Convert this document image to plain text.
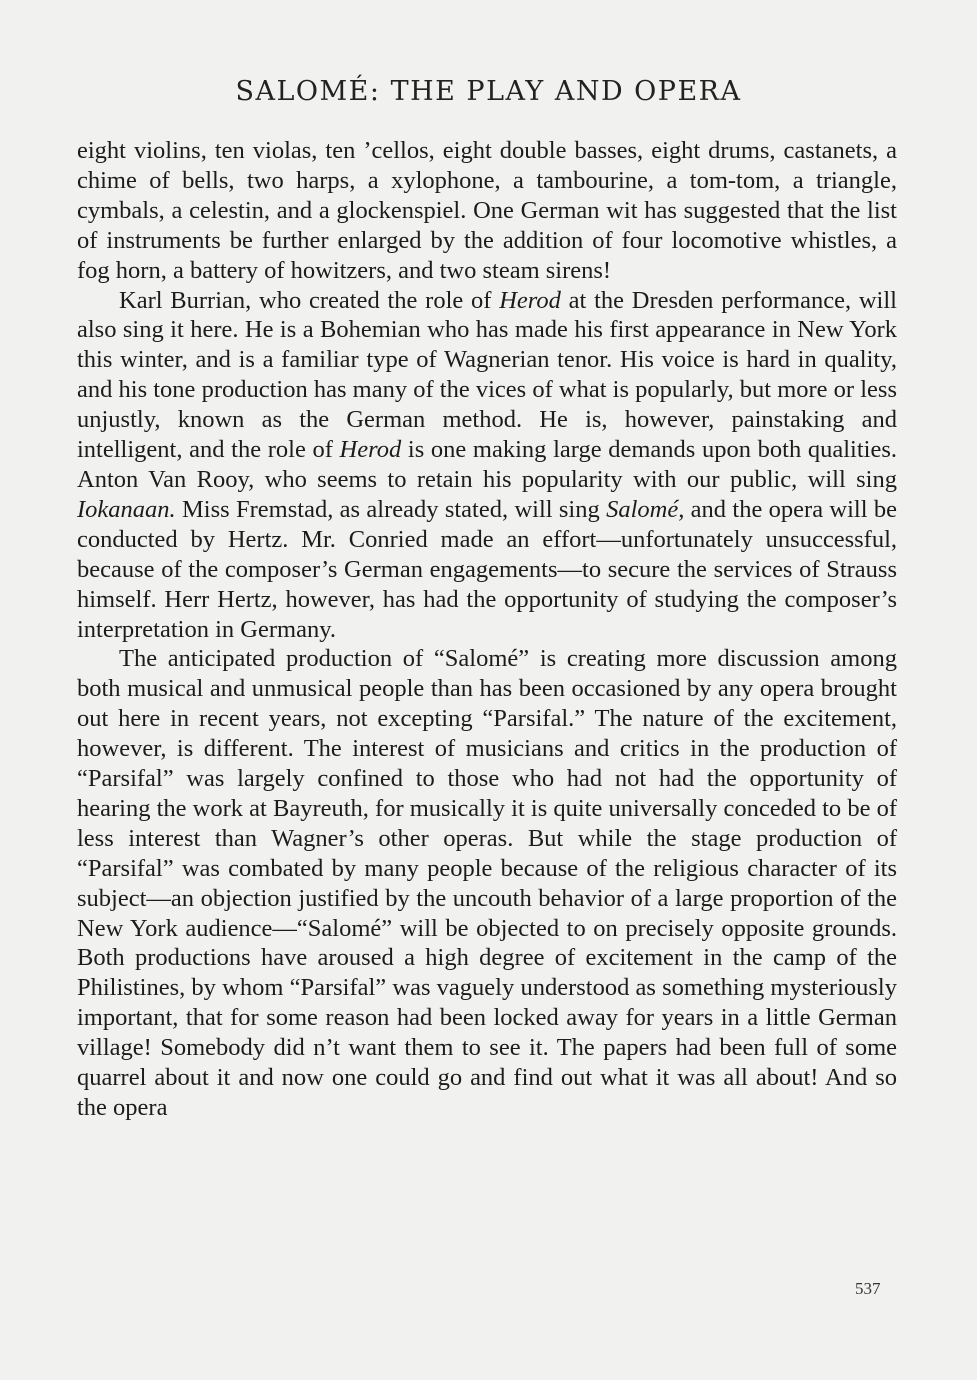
SALOMÉ: THE PLAY AND OPERA

eight violins, ten violas, ten ’cellos, eight double basses, eight drums, castanets, a chime of bells, two harps, a xylophone, a tambourine, a tom-tom, a triangle, cymbals, a celestin, and a glockenspiel. One German wit has suggested that the list of instruments be further enlarged by the addition of four locomotive whistles, a fog horn, a battery of howitzers, and two steam sirens!

Karl Burrian, who created the role of Herod at the Dresden performance, will also sing it here. He is a Bohemian who has made his first appearance in New York this winter, and is a familiar type of Wagnerian tenor. His voice is hard in quality, and his tone production has many of the vices of what is popularly, but more or less unjustly, known as the German method. He is, however, painstaking and intelligent, and the role of Herod is one making large demands upon both qualities. Anton Van Rooy, who seems to retain his popularity with our public, will sing Iokanaan. Miss Fremstad, as already stated, will sing Salomé, and the opera will be conducted by Hertz. Mr. Conried made an effort—unfortunately unsuccessful, because of the composer’s German engagements—to secure the services of Strauss himself. Herr Hertz, however, has had the opportunity of studying the composer’s interpretation in Germany.

The anticipated production of “Salomé” is creating more discussion among both musical and unmusical people than has been occasioned by any opera brought out here in recent years, not excepting “Parsifal.” The nature of the excitement, however, is different. The interest of musicians and critics in the production of “Parsifal” was largely confined to those who had not had the opportunity of hearing the work at Bayreuth, for musically it is quite universally conceded to be of less interest than Wagner’s other operas. But while the stage production of “Parsifal” was combated by many people because of the religious character of its subject—an objection justified by the uncouth behavior of a large proportion of the New York audience—“Salomé” will be objected to on precisely opposite grounds. Both productions have aroused a high degree of excitement in the camp of the Philistines, by whom “Parsifal” was vaguely understood as something mysteriously important, that for some reason had been locked away for years in a little German village! Somebody did n’t want them to see it. The papers had been full of some quarrel about it and now one could go and find out what it was all about! And so the opera

537
